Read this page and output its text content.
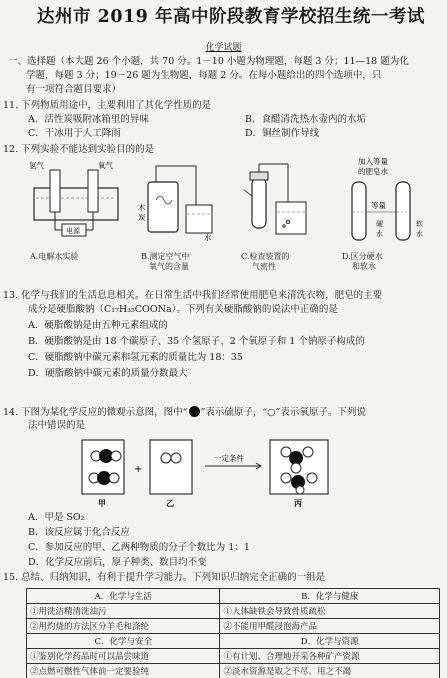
达州市 2019 年高中阶段教育学校招生统一考试
化学试题
一、选择题（本大题 26 个小题，共 70 分。1－10 小题为物理题，每题 3 分；11—18 题为化
学题，每题 3 分；19－26 题为生物题，每题 2 分。在每小题给出的四个选项中，只
有一项符合题目要求）
11. 下列物质用途中，主要利用了其化学性质的是
A．活性炭吸附冰箱里的异味	B．食醋清洗热水壶内的水垢
C．干冰用于人工降雨	D．铜丝制作导线
12. 下列实验不能达到实验目的的是
氢气	氧气
电源
A.电解水实验
木
炭
水
B.测定空气中
氧气的含量
C.检查装置的
气密性
加入等量
的肥皂水
等量
硬
水
软
水
D.区分硬水
和软水
13. 化学与我们的生活息息相关。在日常生活中我们经常使用肥皂来清洗衣物，肥皂的主要
成分是硬脂酸钠（C₁₇H₃₅COONa）。下列有关硬脂酸钠的说法中正确的是
A．硬脂酸钠是由五种元素组成的
B．硬脂酸钠是由 18 个碳原子、35 个氢原子、2 个氧原子和 1 个钠原子构成的
C．硬脂酸钠中碳元素和氢元素的质量比为 18：35
D．硬脂酸钠中碳元素的质量分数最大
14. 下图为某化学反应的微观示意图，图中“ ”表示硫原子，“○”表示氧原子。下列说
法中错误的是
+
一定条件
甲	乙	丙
A．甲是 SO₂
B．该反应属于化合反应
C．参加反应的甲、乙两种物质的分子个数比为 1：1
D．化学反应前后，原子种类、数目均不变
15. 总结、归纳知识，有利于提升学习能力。下列知识归纳完全正确的一组是
A．化学与生活	B．化学与健康
①用洗洁精清洗油污	①人体缺铁会导致骨质疏松
②用灼烧的方法区分羊毛和涤纶	②不能用甲醛浸泡海产品
C．化学与安全	D．化学与资源
①鉴别化学药品时可以品尝味道	①有计划、合理地开采各种矿产资源
②点燃可燃性气体前一定要验纯	②淡水资源是取之不尽、用之不竭
